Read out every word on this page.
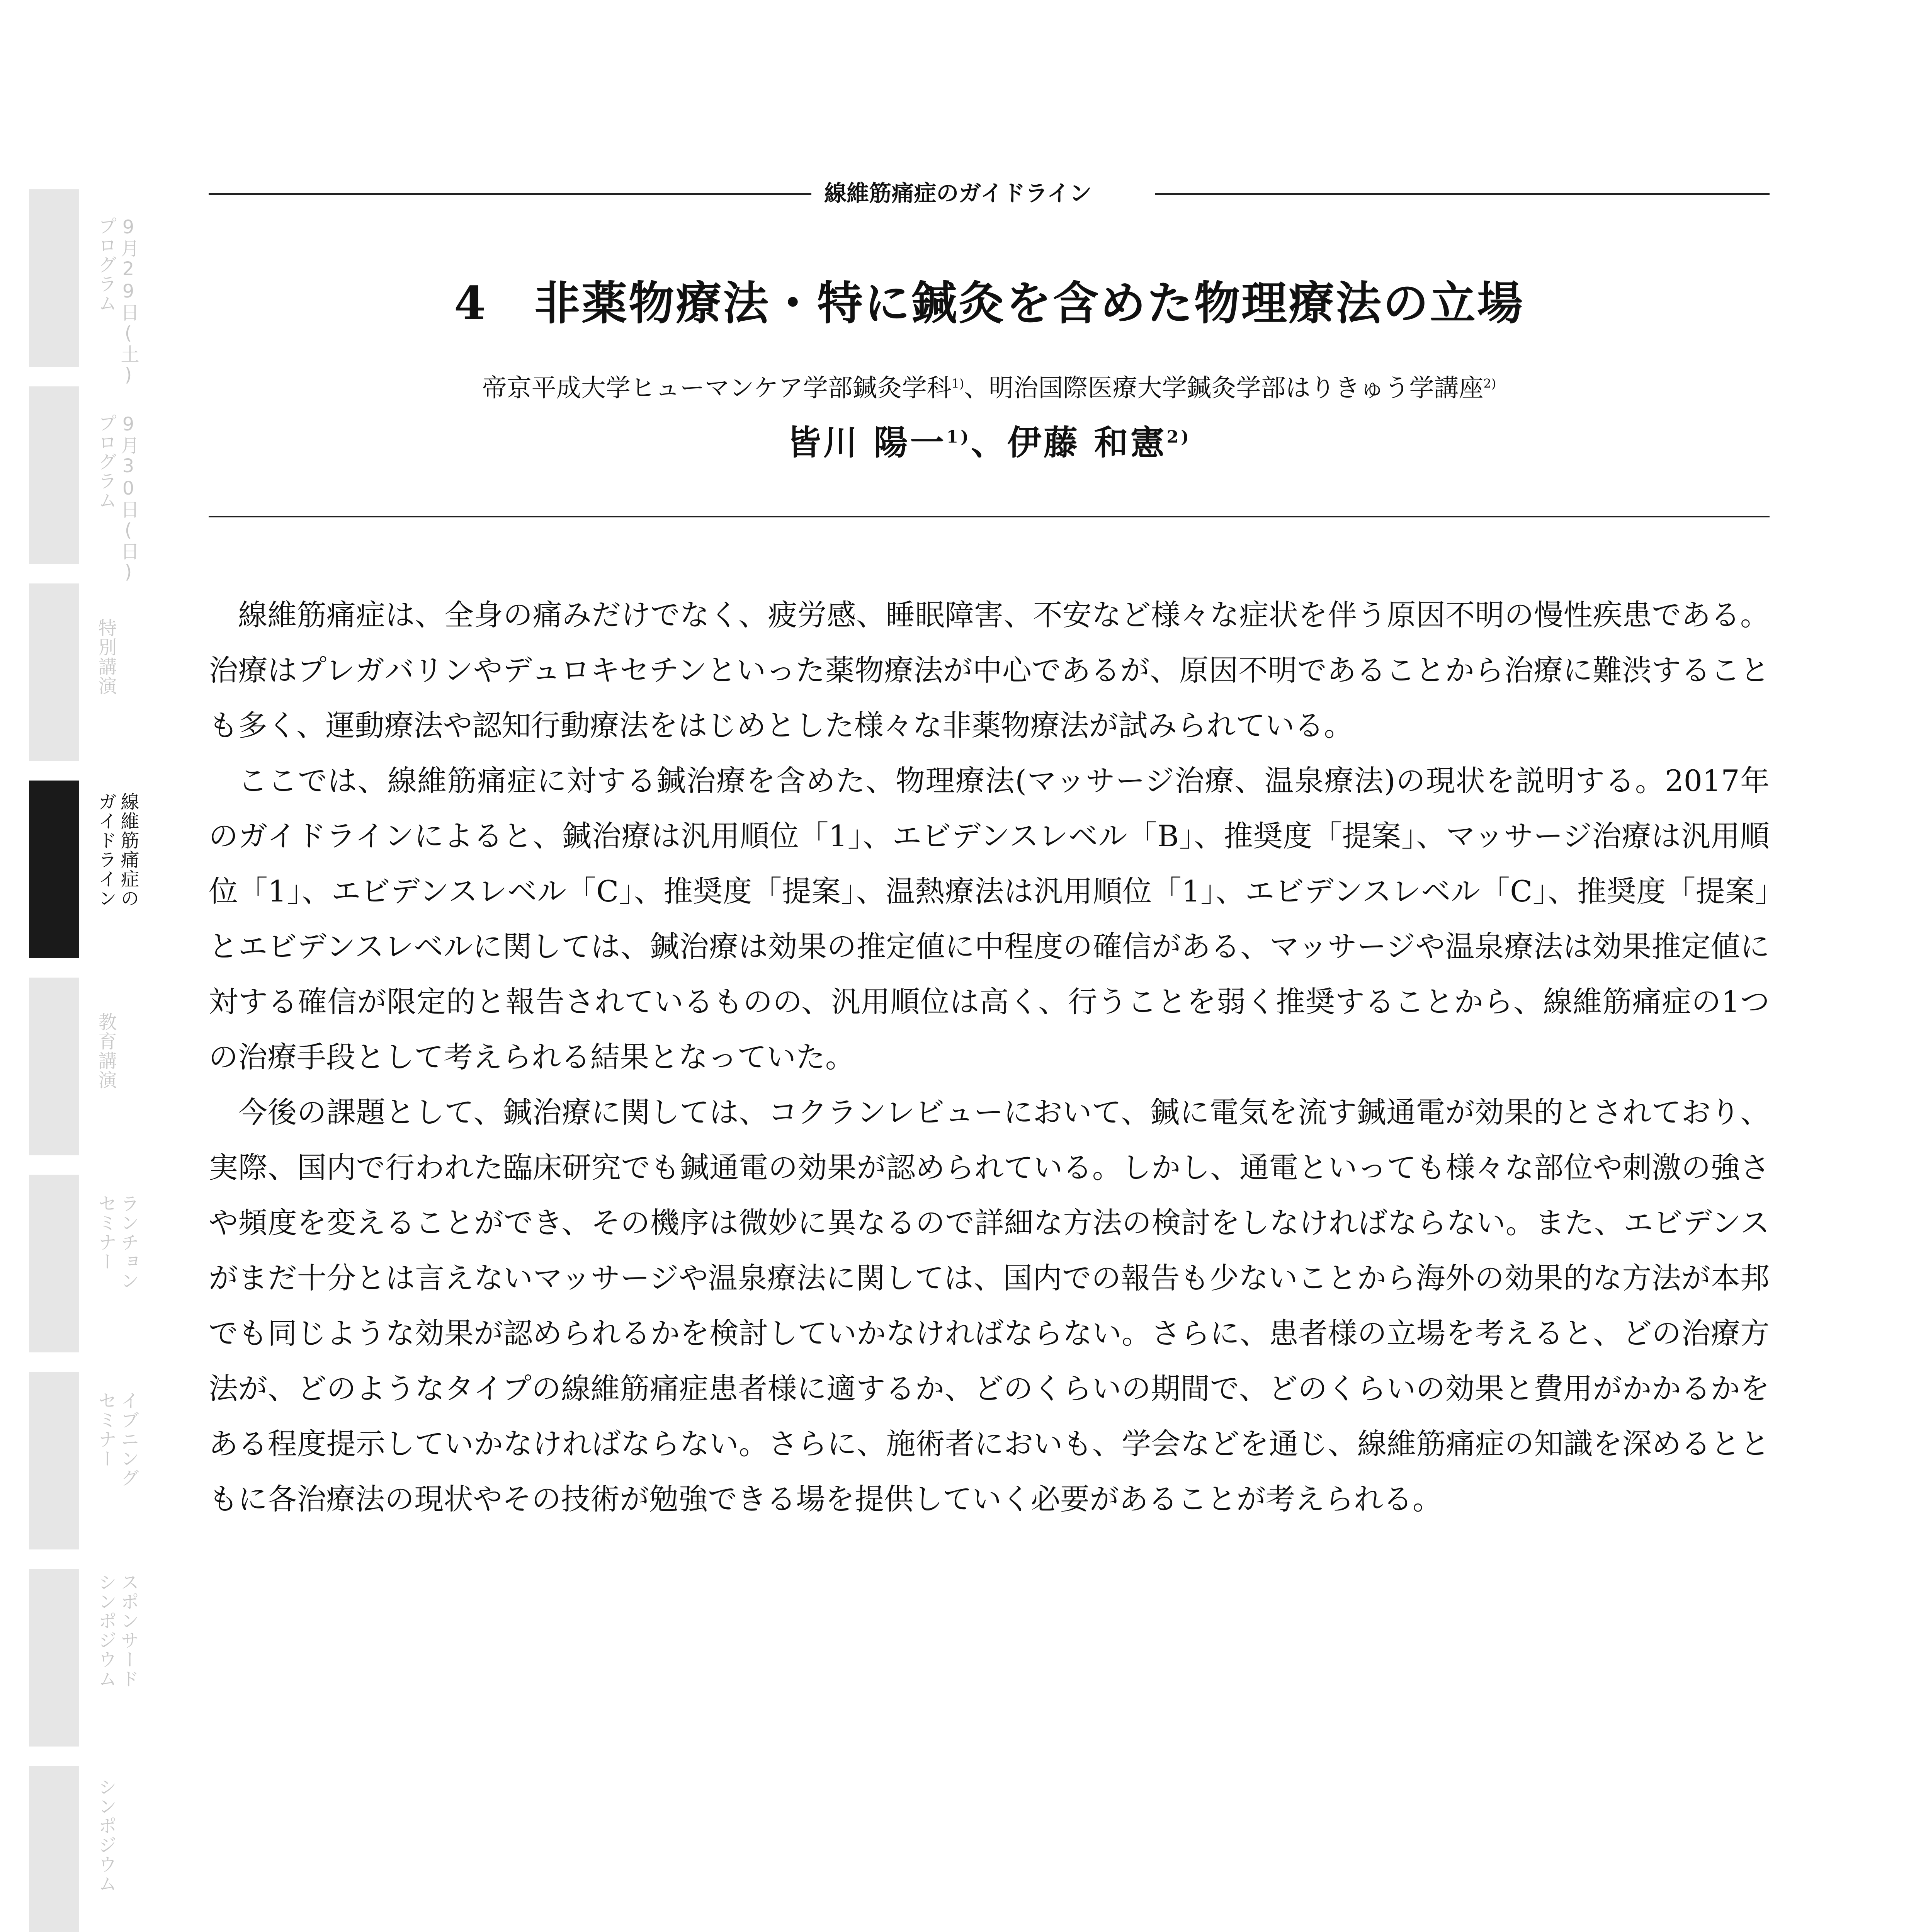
9月29日(土)
プログラム
9月30日(日)
プログラム
特別講演
線維筋痛症の
ガイドライン
教育講演
ランチョン
セミナー
イブニング
セミナー
スポンサード
シンポジウム
シンポジウム
線維筋痛症のガイドライン
4　非薬物療法・特に鍼灸を含めた物理療法の立場
帝京平成大学ヒューマンケア学部鍼灸学科$^{1)}$、明治国際医療大学鍼灸学部はりきゅう学講座$^{2)}$
皆川 陽一$^{1)}$、伊藤 和憲$^{2)}$

線維筋痛症は、全身の痛みだけでなく、疲労感、睡眠障害、不安など様々な症状を伴う原因不明の慢性疾患である。治療はプレガバリンやデュロキセチンといった薬物療法が中心であるが、原因不明であることから治療に難渋することも多く、運動療法や認知行動療法をはじめとした様々な非薬物療法が試みられている。

ここでは、線維筋痛症に対する鍼治療を含めた、物理療法(マッサージ治療、温泉療法)の現状を説明する。2017年のガイドラインによると、鍼治療は汎用順位「1」、エビデンスレベル「B」、推奨度「提案」、マッサージ治療は汎用順位「1」、エビデンスレベル「C」、推奨度「提案」、温熱療法は汎用順位「1」、エビデンスレベル「C」、推奨度「提案」とエビデンスレベルに関しては、鍼治療は効果の推定値に中程度の確信がある、マッサージや温泉療法は効果推定値に対する確信が限定的と報告されているものの、汎用順位は高く、行うことを弱く推奨することから、線維筋痛症の1つの治療手段として考えられる結果となっていた。

今後の課題として、鍼治療に関しては、コクランレビューにおいて、鍼に電気を流す鍼通電が効果的とされており、実際、国内で行われた臨床研究でも鍼通電の効果が認められている。しかし、通電といっても様々な部位や刺激の強さや頻度を変えることができ、その機序は微妙に異なるので詳細な方法の検討をしなければならない。また、エビデンスがまだ十分とは言えないマッサージや温泉療法に関しては、国内での報告も少ないことから海外の効果的な方法が本邦でも同じような効果が認められるかを検討していかなければならない。さらに、患者様の立場を考えると、どの治療方法が、どのようなタイプの線維筋痛症患者様に適するか、どのくらいの期間で、どのくらいの効果と費用がかかるかをある程度提示していかなければならない。さらに、施術者においも、学会などを通じ、線維筋痛症の知識を深めるとともに各治療法の現状やその技術が勉強できる場を提供していく必要があることが考えられる。
